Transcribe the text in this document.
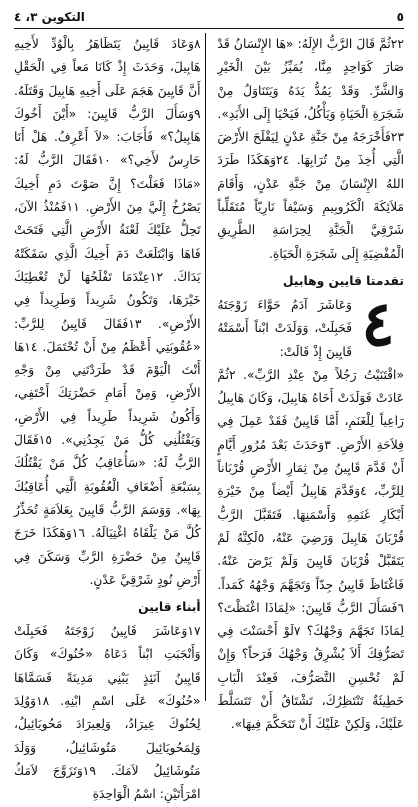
٥
التكوين ٣، ٤

٢٢ثُمَّ قَالَ الرَّبُّ الإِلَهُ: «هَا الإِنْسَانُ قَدْ صَارَ كَوَاحِدٍ مِنَّا، يُمَيِّزُ بَيْنَ الْخَيْرِ وَالشَّرِّ. وَقَدْ يَمُدُّ يَدَهُ وَيَتَنَاوَلُ مِنْ شَجَرَةِ الْحَيَاةِ وَيَأْكُلُ، فَيَحْيَا إِلَى الأَبَدِ». ٢٣فَأَخْرَجَهُ مِنْ جَنَّةِ عَدْنٍ لِيَفْلَحَ الأَرْضَ الَّتِي أُخِذَ مِنْ تُرَابِهَا. ٢٤وَهَكَذَا طَرَدَ اللهُ الإِنْسَانَ مِنْ جَنَّةِ عَدْنٍ، وَأَقَامَ مَلاَئِكَةَ الْكَرُوبِيمِ وَسَيْفاً نَارِيّاً مُتَقَلِّباً شَرْقِيَّ الْجَنَّةِ لِحِرَاسَةِ الطَّرِيقِ الْمُفْضِيَةِ إِلَى شَجَرَةِ الْحَيَاةِ.

تقدمتا قايين وهابيل
٤
وَعَاشَرَ آدَمُ حَوَّاءَ زَوْجَتَهُ فَحَبِلَتْ، وَوَلَدَتْ ابْناً أَسْمَتْهُ قَايِينَ إِذْ قَالَتْ:

«اقْتَنَيْتُ رَجُلاً مِنْ عِنْدِ الرَّبِّ». ٢ثُمَّ عَادَتْ فَوَلَدَتْ أَخَاهُ هَابِيلَ، وَكَانَ هَابِيلُ رَاعِياً لِلْغَنَمِ، أَمَّا قَايِينُ فَقَدْ عَمِلَ فِي فِلاَحَةِ الأَرْضِ. ٣وَحَدَثَ بَعْدَ مُرُورِ أَيَّامٍ أَنْ قَدَّمَ قَايِينُ مِنْ ثِمَارِ الأَرْضِ قُرْبَاناً لِلرَّبِّ، ٤وَقَدَّمَ هَابِيلُ أَيْضاً مِنْ خَيْرَةِ أَبْكَارِ غَنَمِهِ وَأَسْمَنِهَا. فَتَقَبَّلَ الرَّبُّ قُرْبَانَ هَابِيلَ وَرَضِيَ عَنْهُ، ٥لَكِنَّهُ لَمْ يَتَقَبَّلْ قُرْبَانَ قَايِينَ وَلَمْ يَرْضَ عَنْهُ. فَاغْتَاظَ قَايِينُ جِدّاً وَتَجَهَّمَ وَجْهُهُ كَمَداً. ٦فَسَأَلَ الرَّبُّ قَايِينَ: «لِمَاذَا اغْتَظْتَ؟ لِمَاذَا تَجَهَّمَ وَجْهُكَ؟ ٧لَوْ أَحْسَنْتَ فِي تَصَرُّفِكَ أَلاَ يُشْرِقُ وَجْهُكَ فَرَحاً؟ وَإِنْ لَمْ تُحْسِنِ التَّصَرُّفَ، فَعِنْدَ الْبَابِ خَطِيئَةٌ تَنْتَظِرُكَ، تَشْتَاقُ أَنْ تَتَسَلَّطَ عَلَيْكَ، وَلَكِنْ عَلَيْكَ أَنْ تَتَحَكَّمَ فِيهَا».

٨وَعَادَ قَايِينُ يَتَظَاهَرُ بِالْوُدِّ لأَخِيهِ هَابِيلَ، وَحَدَثَ إِذْ كَانَا مَعاً فِي الْحَقْلِ أَنَّ قَايِينَ هَجَمَ عَلَى أَخِيهِ هَابِيلَ وَقَتَلَهُ. ٩وَسَأَلَ الرَّبُّ قَايِينَ: «أَيْنَ أَخُوكَ هَابِيلُ؟» فَأَجَابَ: «لاَ أَعْرِفُ. هَلْ أَنَا حَارِسٌ لأَخِي؟» ١٠فَقَالَ الرَّبُّ لَهُ: «مَاذَا فَعَلْتَ؟ إِنَّ صَوْتَ دَمِ أَخِيكَ يَصْرُخُ إِلَيَّ مِنَ الأَرْضِ. ١١فَمُنْذُ الآنَ، تَحِلُّ عَلَيْكَ لَعْنَةُ الأَرْضِ الَّتِي فَتَحَتْ فَاهَا وَابْتَلَعَتْ دَمَ أَخِيكَ الَّذِي سَفَكَتْهُ يَدَاكَ. ١٢عِنْدَمَا تَفْلَحُهَا لَنْ تُعْطِيَكَ خَيْرَهَا، وَتَكُونُ شَرِيداً وَطَرِيداً فِي الأَرْضِ». ١٣فَقَالَ قَايِينُ لِلرَّبِّ: «عُقُوبَتِي أَعْظَمُ مِنْ أَنْ تُحْتَمَلَ. ١٤هَا أَنْتَ الْيَوْمَ قَدْ طَرَدْتَنِي مِنْ وَجْهِ الأَرْضِ، وَمِنْ أَمَامِ حَضْرَتِكَ أَخْتَفِي، وَأَكُونُ شَرِيداً طَرِيداً فِي الأَرْضِ، وَيَقْتُلُنِي كُلُّ مَنْ يَجِدُنِي». ١٥فَقَالَ الرَّبُّ لَهُ: «سَأُعَاقِبُ كُلَّ مَنْ يَقْتُلُكَ بِسَبْعَةِ أَضْعَافِ الْعُقُوبَةِ الَّتِي أُعَاقِبُكَ بِهَا». وَوَسَمَ الرَّبُّ قَايِينَ بِعَلاَمَةٍ تُحَذِّرُ كُلَّ مَنْ يَلْقَاهُ اغْتِيَالَهُ. ١٦وَهَكَذَا خَرَجَ قَايِينُ مِنْ حَضْرَةِ الرَّبِّ وَسَكَنَ فِي أَرْضِ نُودٍ شَرْقِيَّ عَدْنٍ.

أبناء قايين

١٧وَعَاشَرَ قَايِينُ زَوْجَتَهُ فَحَبِلَتْ وَأَنْجَبَتِ ابْناً دَعَاهُ «حُنُوكَ» وَكَانَ قَايِينُ آنَئِذٍ يَبْنِي مَدِينَةً فَسَمَّاهَا «حُنُوكَ» عَلَى اسْمِ ابْنِهِ. ١٨وَوُلِدَ لِحُنُوكَ عِيرَادُ، وَلِعِيرَادَ مَحُويَائِيلُ، وَلِمَحُويَائِيلَ مَتُوشَائِيلُ، وَوَلَدَ مَتُوشَائِيلُ لاَمَكَ. ١٩وَتَزَوَّجَ لاَمَكُ امْرَأَتَيْنِ: اسْمُ الْوَاحِدَةِ
